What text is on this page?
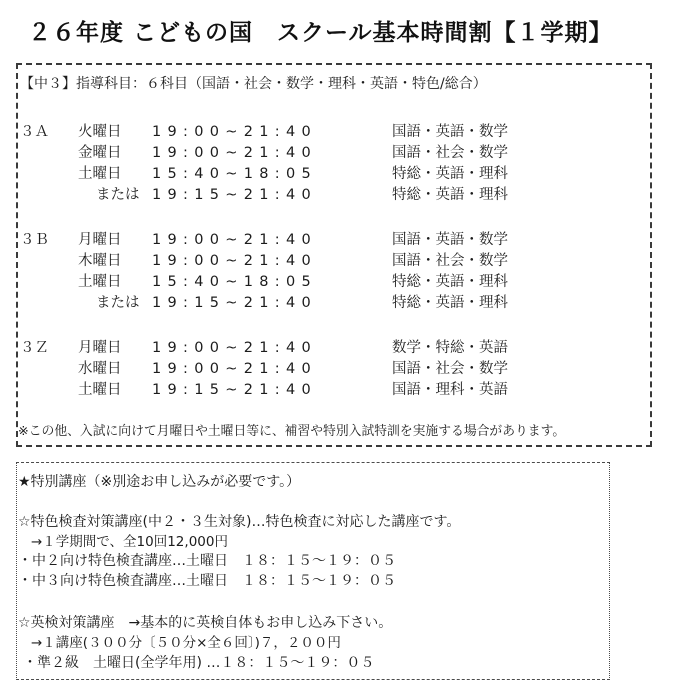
２６年度 こどもの国　スクール基本時間割【１学期】
【中３】指導科目：６科目（国語・社会・数学・理科・英語・特色/総合）
３Ａ 火曜日 19:00~21:40	国語・英語・数学
金曜日 19:00~21:40	国語・社会・数学
土曜日 15:40~18:05	特総・英語・理科
または 19:15~21:40	特総・英語・理科
３Ｂ 月曜日 19:00~21:40	国語・英語・数学
木曜日 19:00~21:40	国語・社会・数学
土曜日 15:40~18:05	特総・英語・理科
または 19:15~21:40	特総・英語・理科
３Ｚ 月曜日 19:00~21:40	数学・特総・英語
水曜日 19:00~21:40	国語・社会・数学
土曜日 19:15~21:40	国語・理科・英語
※この他、入試に向けて月曜日や土曜日等に、補習や特別入試特訓を実施する場合があります。
★特別講座（※別途お申し込みが必要です。）
☆特色検査対策講座(中２・３生対象)…特色検査に対応した講座です。
→１学期間で、全10回12,000円
・中２向け特色検査講座…土曜日　１８：１５～１９：０５
・中３向け特色検査講座…土曜日　１８：１５～１９：０５
☆英検対策講座　→基本的に英検自体もお申し込み下さい。
→１講座(３００分〔５０分×全６回〕)７，２００円
・準２級　土曜日(全学年用) …１８：１５～１９：０５
